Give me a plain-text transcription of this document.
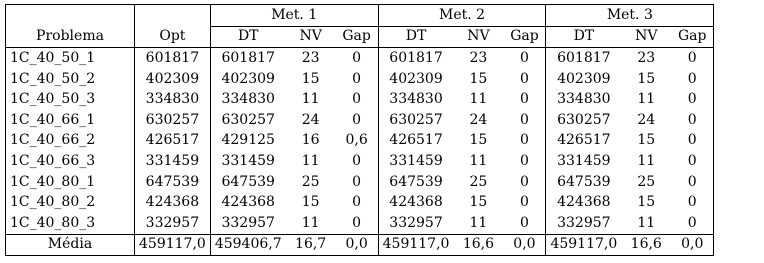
		Met. 1			Met. 2			Met. 3		
Problema	Opt	DT	NV	Gap	DT	NV	Gap	DT	NV	Gap
1C_40_50_1	601817	601817	23	0	601817	23	0	601817	23	0
1C_40_50_2	402309	402309	15	0	402309	15	0	402309	15	0
1C_40_50_3	334830	334830	11	0	334830	11	0	334830	11	0
1C_40_66_1	630257	630257	24	0	630257	24	0	630257	24	0
1C_40_66_2	426517	429125	16	0,6	426517	15	0	426517	15	0
1C_40_66_3	331459	331459	11	0	331459	11	0	331459	11	0
1C_40_80_1	647539	647539	25	0	647539	25	0	647539	25	0
1C_40_80_2	424368	424368	15	0	424368	15	0	424368	15	0
1C_40_80_3	332957	332957	11	0	332957	11	0	332957	11	0
Média	459117,0	459406,7	16,7	0,0	459117,0	16,6	0,0	459117,0	16,6	0,0
